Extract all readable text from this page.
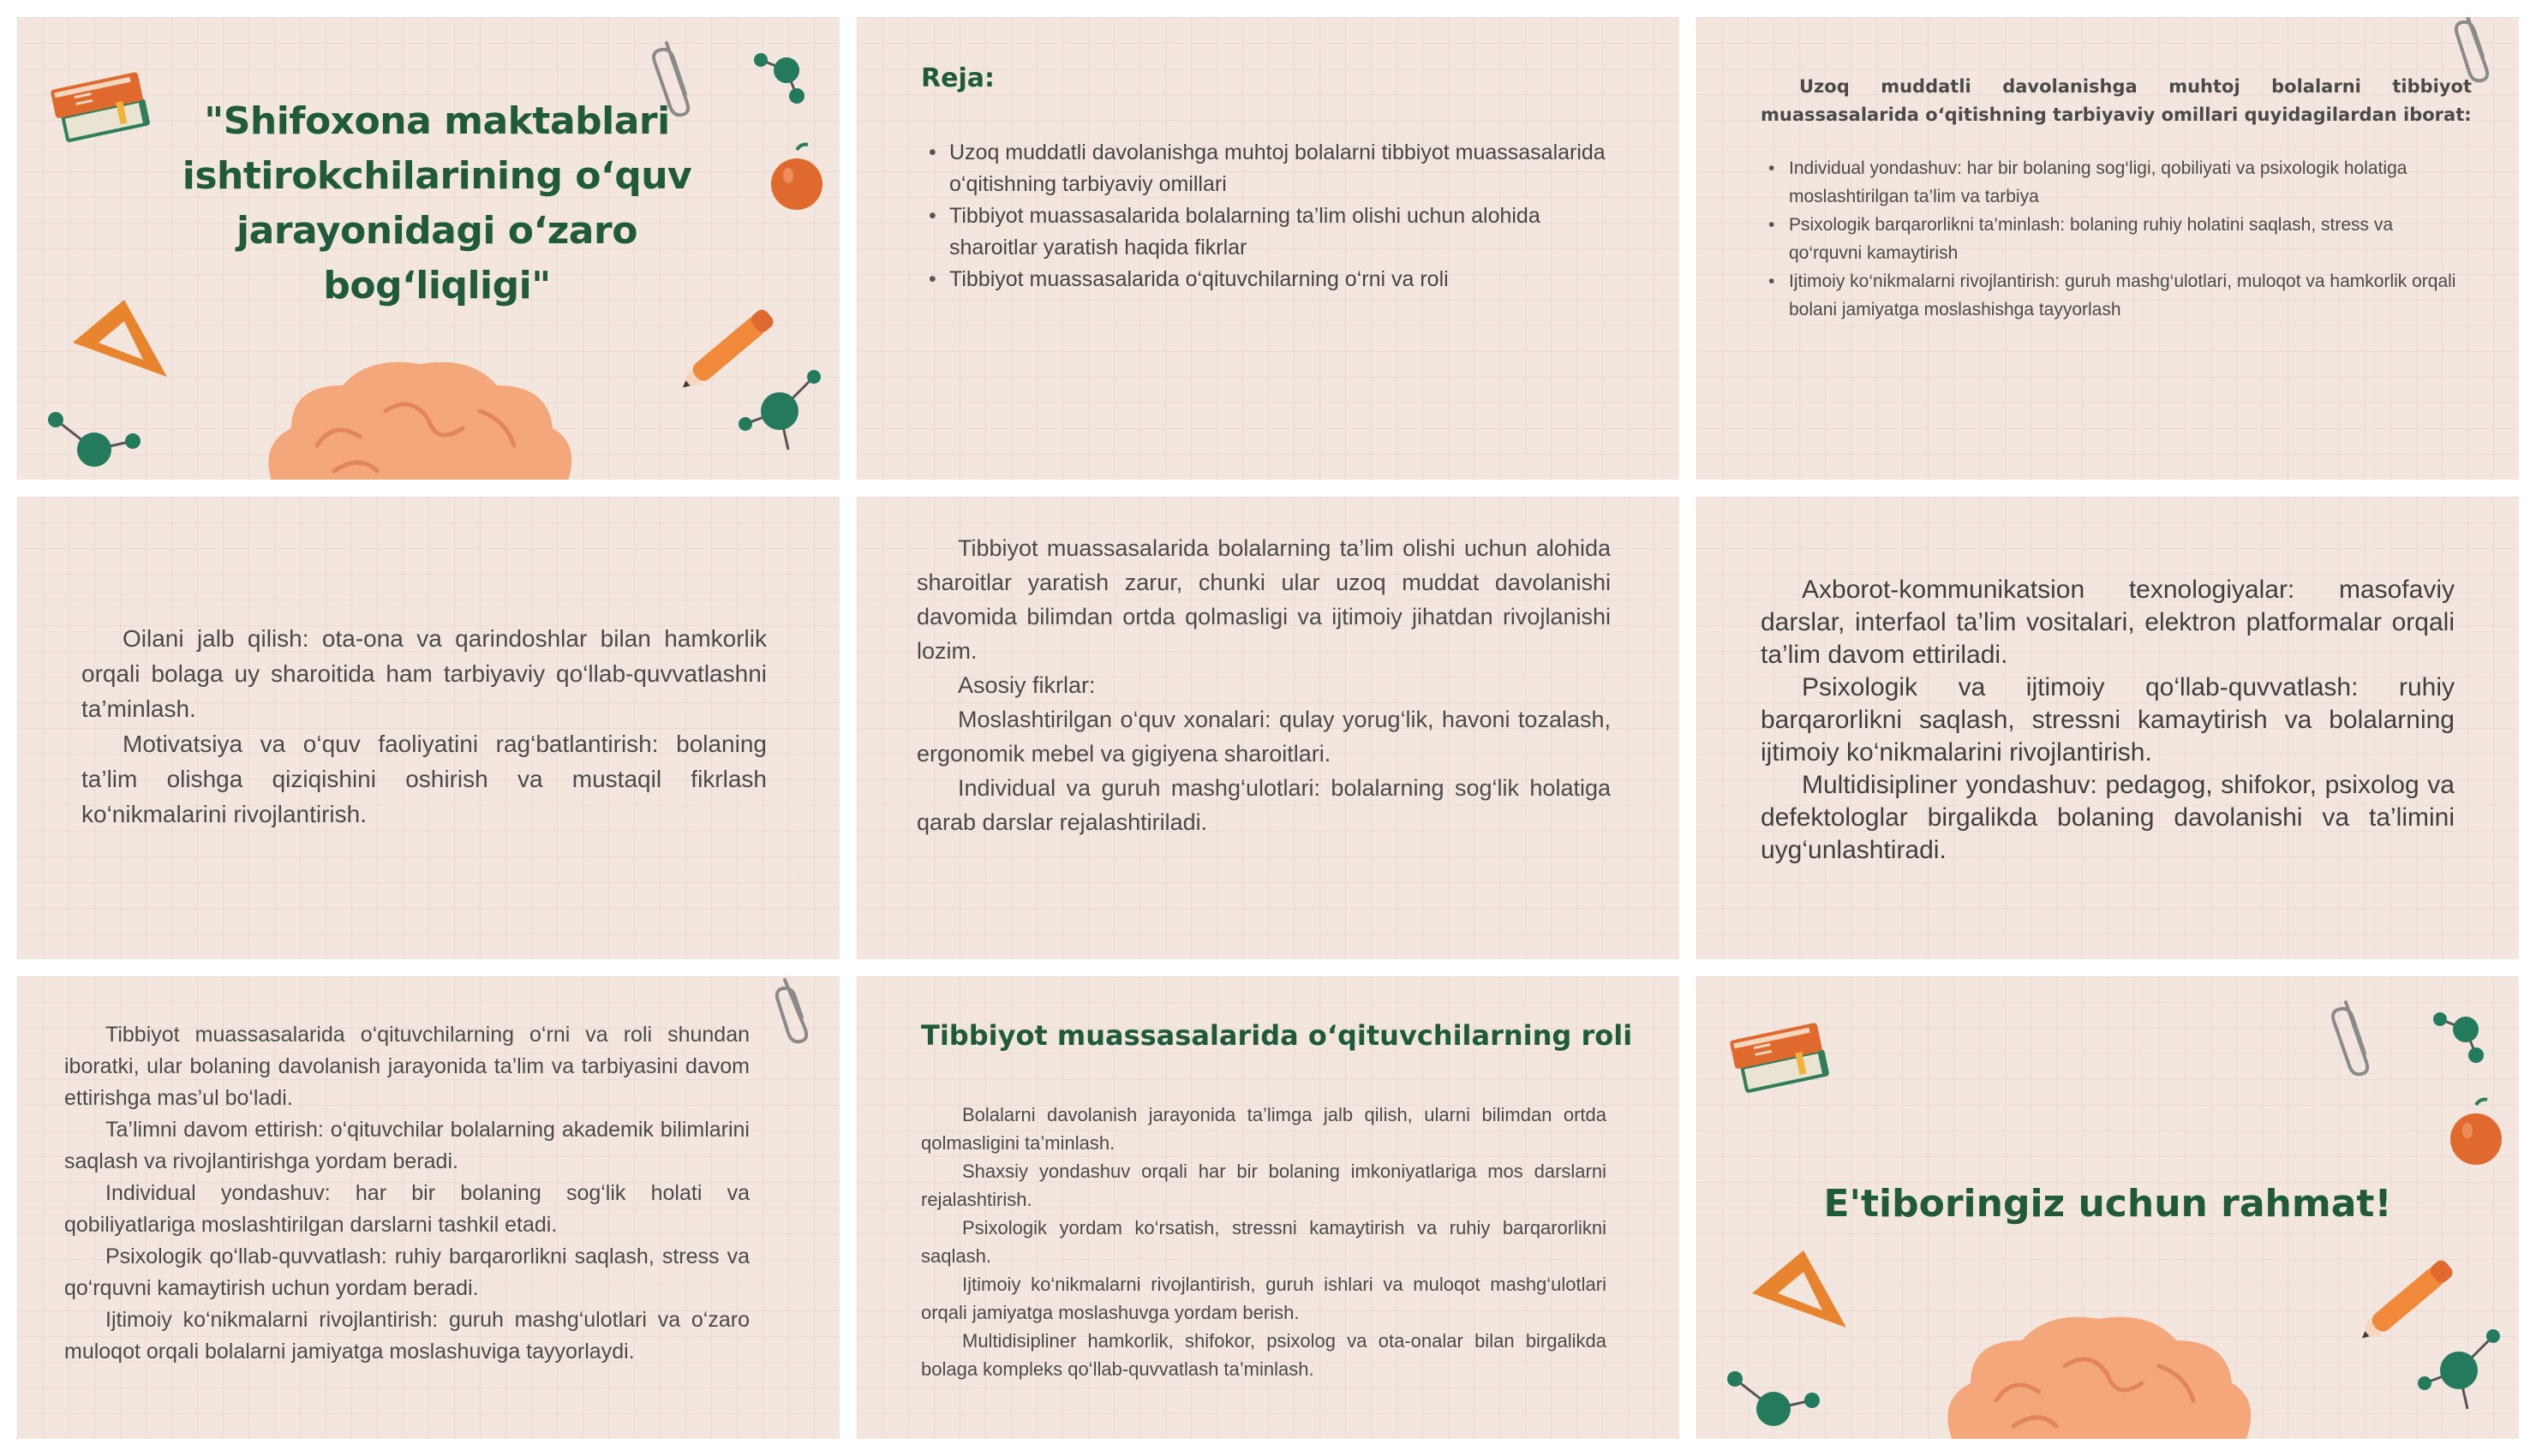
"Shifoxona maktablari ishtirokchilarining o‘quv jarayonidagi o‘zaro bog‘liqligi"
Reja:
• Uzoq muddatli davolanishga muhtoj bolalarni tibbiyot muassasalarida o‘qitishning tarbiyaviy omillari
• Tibbiyot muassasalarida bolalarning ta’lim olishi uchun alohida sharoitlar yaratish haqida fikrlar
• Tibbiyot muassasalarida o‘qituvchilarning o‘rni va roli
Uzoq muddatli davolanishga muhtoj bolalarni tibbiyot muassasalarida o‘qitishning tarbiyaviy omillari quyidagilardan iborat:
• Individual yondashuv: har bir bolaning sog‘ligi, qobiliyati va psixologik holatiga moslashtirilgan ta’lim va tarbiya
• Psixologik barqarorlikni ta’minlash: bolaning ruhiy holatini saqlash, stress va qo‘rquvni kamaytirish
• Ijtimoiy ko‘nikmalarni rivojlantirish: guruh mashg‘ulotlari, muloqot va hamkorlik orqali bolani jamiyatga moslashishga tayyorlash

Oilani jalb qilish: ota-ona va qarindoshlar bilan hamkorlik orqali bolaga uy sharoitida ham tarbiyaviy qo‘llab-quvvatlashni ta’minlash.

Motivatsiya va o‘quv faoliyatini rag‘batlantirish: bolaning ta’lim olishga qiziqishini oshirish va mustaqil fikrlash ko‘nikmalarini rivojlantirish.

Tibbiyot muassasalarida bolalarning ta’lim olishi uchun alohida sharoitlar yaratish zarur, chunki ular uzoq muddat davolanishi davomida bilimdan ortda qolmasligi va ijtimoiy jihatdan rivojlanishi lozim.

Asosiy fikrlar:

Moslashtirilgan o‘quv xonalari: qulay yorug‘lik, havoni tozalash, ergonomik mebel va gigiyena sharoitlari.

Individual va guruh mashg‘ulotlari: bolalarning sog‘lik holatiga qarab darslar rejalashtiriladi.

Axborot-kommunikatsion texnologiyalar: masofaviy darslar, interfaol ta’lim vositalari, elektron platformalar orqali ta’lim davom ettiriladi.

Psixologik va ijtimoiy qo‘llab-quvvatlash: ruhiy barqarorlikni saqlash, stressni kamaytirish va bolalarning ijtimoiy ko‘nikmalarini rivojlantirish.

Multidisipliner yondashuv: pedagog, shifokor, psixolog va defektologlar birgalikda bolaning davolanishi va ta’limini uyg‘unlashtiradi.

Tibbiyot muassasalarida o‘qituvchilarning o‘rni va roli shundan iboratki, ular bolaning davolanish jarayonida ta’lim va tarbiyasini davom ettirishga mas’ul bo‘ladi.

Ta’limni davom ettirish: o‘qituvchilar bolalarning akademik bilimlarini saqlash va rivojlantirishga yordam beradi.

Individual yondashuv: har bir bolaning sog‘lik holati va qobiliyatlariga moslashtirilgan darslarni tashkil etadi.

Psixologik qo‘llab-quvvatlash: ruhiy barqarorlikni saqlash, stress va qo‘rquvni kamaytirish uchun yordam beradi.

Ijtimoiy ko‘nikmalarni rivojlantirish: guruh mashg‘ulotlari va o‘zaro muloqot orqali bolalarni jamiyatga moslashuviga tayyorlaydi.

Tibbiyot muassasalarida o‘qituvchilarning roli

Bolalarni davolanish jarayonida ta’limga jalb qilish, ularni bilimdan ortda qolmasligini ta’minlash.

Shaxsiy yondashuv orqali har bir bolaning imkoniyatlariga mos darslarni rejalashtirish.

Psixologik yordam ko‘rsatish, stressni kamaytirish va ruhiy barqarorlikni saqlash.

Ijtimoiy ko‘nikmalarni rivojlantirish, guruh ishlari va muloqot mashg‘ulotlari orqali jamiyatga moslashuvga yordam berish.

Multidisipliner hamkorlik, shifokor, psixolog va ota-onalar bilan birgalikda bolaga kompleks qo‘llab-quvvatlash ta’minlash.

E'tiboringiz uchun rahmat!
